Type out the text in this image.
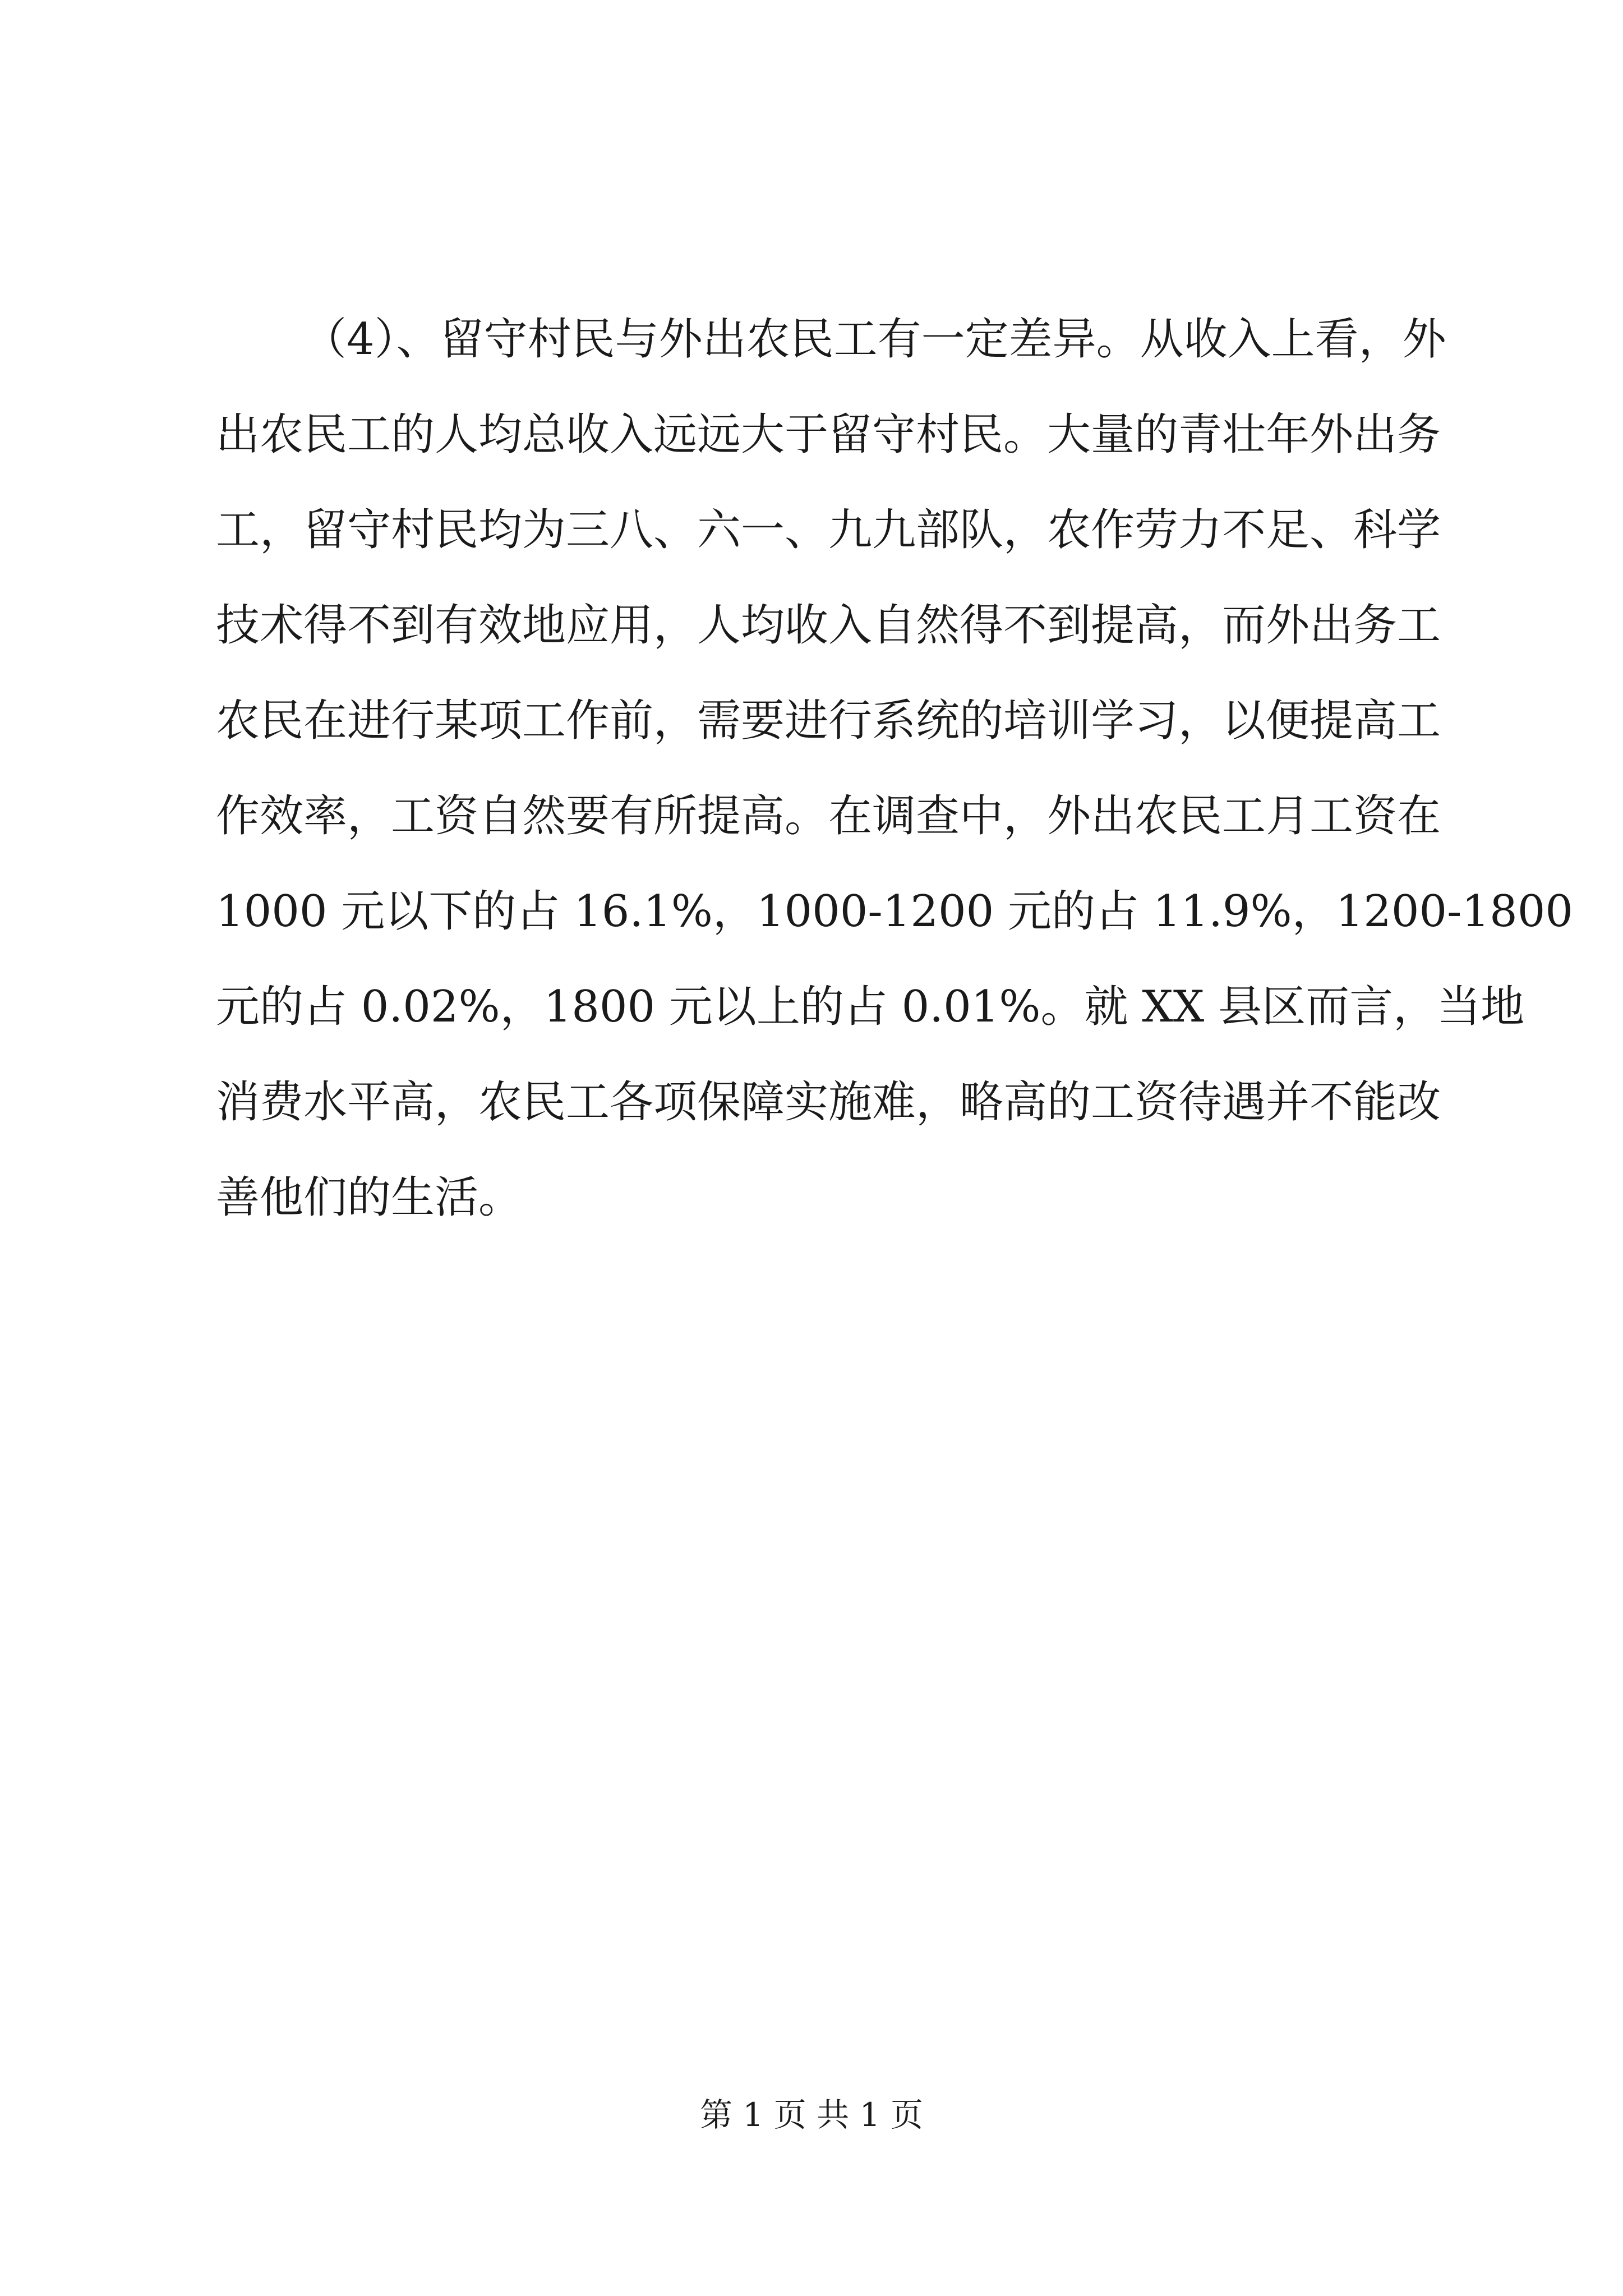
（4）、留守村民与外出农民工有一定差异。从收入上看，外
出农民工的人均总收入远远大于留守村民。大量的青壮年外出务
工，留守村民均为三八、六一、九九部队，农作劳力不足、科学
技术得不到有效地应用，人均收入自然得不到提高，而外出务工
农民在进行某项工作前，需要进行系统的培训学习，以便提高工
作效率，工资自然要有所提高。在调查中，外出农民工月工资在
1000 元以下的占 16.1%，1000-1200 元的占 11.9%，1200-1800
元的占 0.02%，1800 元以上的占 0.01%。就 XX 县区而言，当地
消费水平高，农民工各项保障实施难，略高的工资待遇并不能改
善他们的生活。
第 1 页 共 1 页
